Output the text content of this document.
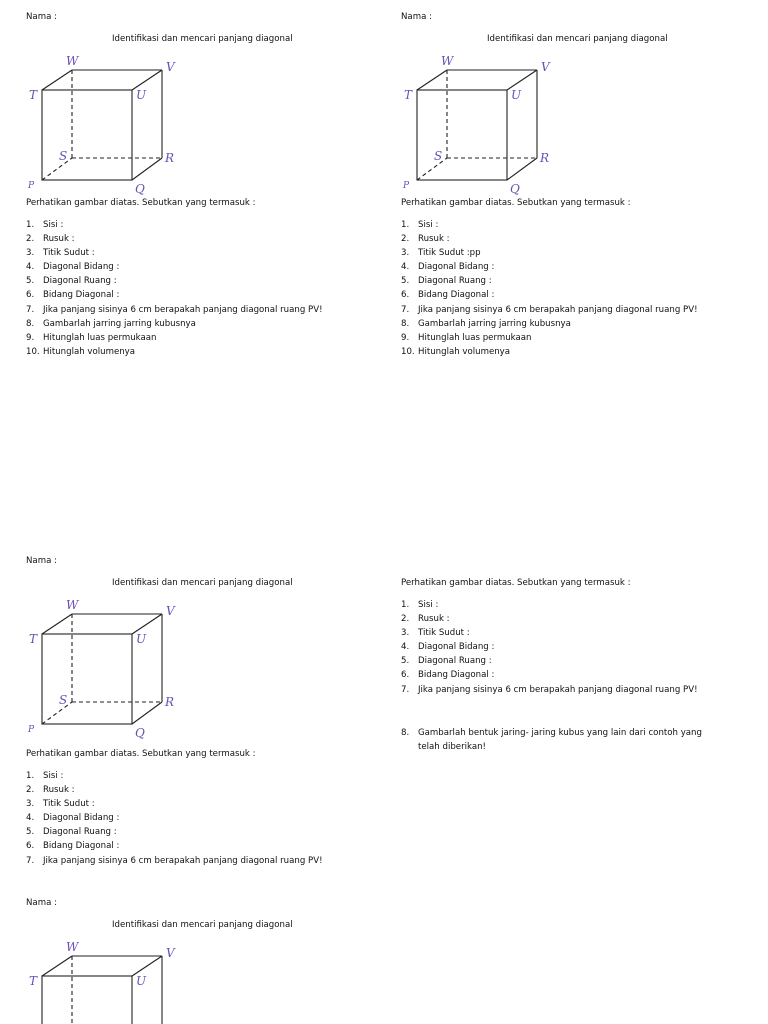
Nama :
Identifikasi dan mencari panjang diagonal
W	V
T	U
S	R
P	Q
Perhatikan gambar diatas. Sebutkan yang termasuk :
1. Sisi :
2. Rusuk :
3. Titik Sudut :
4. Diagonal Bidang :
5. Diagonal Ruang :
6. Bidang Diagonal :
7. Jika panjang sisinya 6 cm berapakah panjang diagonal ruang PV!
8. Gambarlah jarring jarring kubusnya
9. Hitunglah luas permukaan
10. Hitunglah volumenya
Nama :
Identifikasi dan mencari panjang diagonal
W	V
T	U
S	R
P	Q
Perhatikan gambar diatas. Sebutkan yang termasuk :
1. Sisi :
2. Rusuk :
3. Titik Sudut :pp
4. Diagonal Bidang :
5. Diagonal Ruang :
6. Bidang Diagonal :
7. Jika panjang sisinya 6 cm berapakah panjang diagonal ruang PV!
8. Gambarlah jarring jarring kubusnya
9. Hitunglah luas permukaan
10. Hitunglah volumenya
Nama :
Identifikasi dan mencari panjang diagonal
W	V
T	U
S	R
P	Q
Perhatikan gambar diatas. Sebutkan yang termasuk :
1. Sisi :
2. Rusuk :
3. Titik Sudut :
4. Diagonal Bidang :
5. Diagonal Ruang :
6. Bidang Diagonal :
7. Jika panjang sisinya 6 cm berapakah panjang diagonal ruang PV!
Perhatikan gambar diatas. Sebutkan yang termasuk :
1. Sisi :
2. Rusuk :
3. Titik Sudut :
4. Diagonal Bidang :
5. Diagonal Ruang :
6. Bidang Diagonal :
7. Jika panjang sisinya 6 cm berapakah panjang diagonal ruang PV!
8. Gambarlah bentuk jaring- jaring kubus yang lain dari contoh yang telah diberikan!
Nama :
Identifikasi dan mencari panjang diagonal
W	V
T	U
